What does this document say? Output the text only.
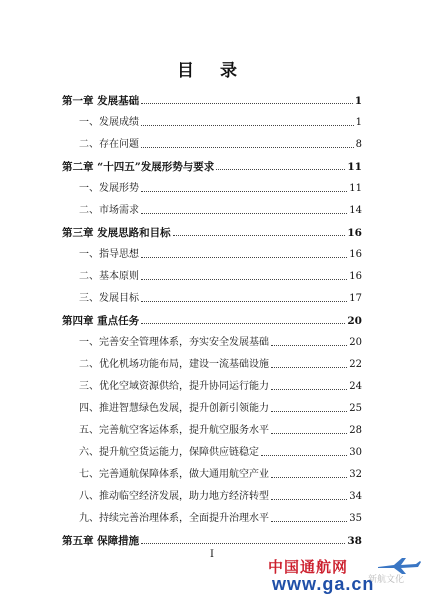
目 录
第一章 发展基础	1
一、发展成绩	1
二、存在问题	8
第二章 “十四五”发展形势与要求	11
一、发展形势	11
二、市场需求	14
第三章 发展思路和目标	16
一、指导思想	16
二、基本原则	16
三、发展目标	17
第四章 重点任务	20
一、完善安全管理体系，夯实安全发展基础	20
二、优化机场功能布局，建设一流基础设施	22
三、优化空域资源供给，提升协同运行能力	24
四、推进智慧绿色发展，提升创新引领能力	25
五、完善航空客运体系，提升航空服务水平	28
六、提升航空货运能力，保障供应链稳定	30
七、完善通航保障体系，做大通用航空产业	32
八、推动临空经济发展，助力地方经济转型	34
九、持续完善治理体系，全面提升治理水平	35
第五章 保障措施	38
I
中国通航网
新航文化
www.ga.cn
